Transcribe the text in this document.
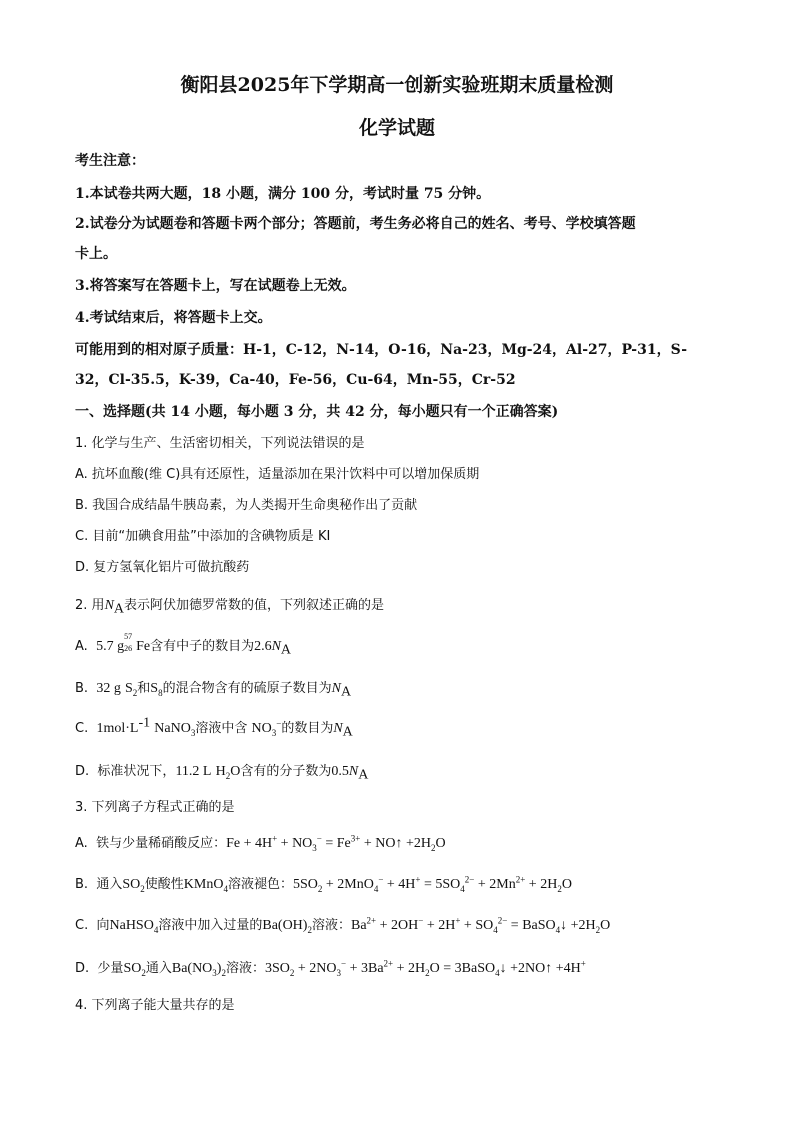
衡阳县2025年下学期高一创新实验班期末质量检测
化学试题
考生注意：
1.本试卷共两大题，18 小题，满分 100 分，考试时量 75 分钟。
2.试卷分为试题卷和答题卡两个部分；答题前，考生务必将自己的姓名、考号、学校填答题
卡上。
3.将答案写在答题卡上，写在试题卷上无效。
4.考试结束后，将答题卡上交。
可能用到的相对原子质量：H-1，C-12，N-14，O-16，Na-23，Mg-24，Al-27，P-31，S-
32，Cl-35.5，K-39，Ca-40，Fe-56，Cu-64，Mn-55，Cr-52
一、选择题(共 14 小题，每小题 3 分，共 42 分，每小题只有一个正确答案)
1. 化学与生产、生活密切相关，下列说法错误的是
A. 抗坏血酸(维 C)具有还原性，适量添加在果汁饮料中可以增加保质期
B. 我国合成结晶牛胰岛素，为人类揭开生命奥秘作出了贡献
C. 目前“加碘食用盐”中添加的含碘物质是 KI
D. 复方氢氧化铝片可做抗酸药
2. 用$N_A$表示阿伏加德罗常数的值，下列叙述正确的是
A. 5.7 g
57
26 Fe含有中子的数目为$2.6N_A$
B. 32 g $S_2$和$S_8$的混合物含有的硫原子数目为$N_A$
C. $1mol\cdot L^{-1}$ NaNO$_3$溶液中含 $NO_3^-$的数目为$N_A$
D. 标准状况下，11.2 L $H_2O$含有的分子数为$0.5N_A$
3. 下列离子方程式正确的是
A. 铁与少量稀硝酸反应：$Fe + 4H^+ + NO_3^- = Fe^{3+}$ + NO↑ $+2H_2O$
B. 通入$SO_2$使酸性KMnO$_4$溶液褪色：$5SO_2 + 2MnO_4^- + 4H^+ = 5SO_4^{2-} + 2Mn^{2+} + 2H_2O$
C. 向NaHSO$_4$溶液中加入过量的$Ba(OH)_2$溶液：$Ba^{2+} + 2OH^- + 2H^+ + SO_4^{2-}$ = BaSO$_4$↓ $+2H_2O$
D. 少量$SO_2$通入$Ba(NO_3)_2$溶液：$3SO_2 + 2NO_3^- + 3Ba^{2+} + 2H_2O$ = 3BaSO$_4$↓ +2NO↑ +4H+
4. 下列离子能大量共存的是
